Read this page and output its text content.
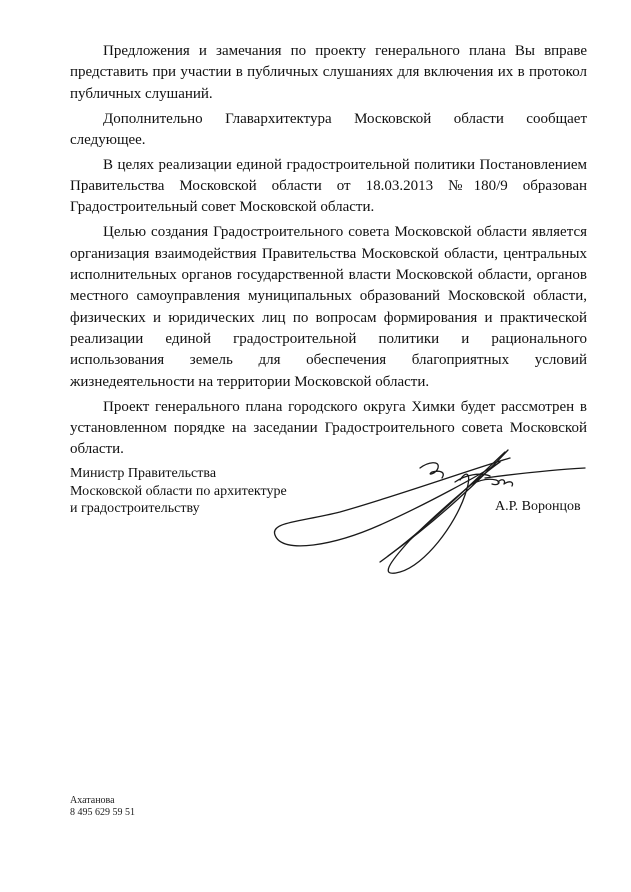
Предложения и замечания по проекту генерального плана Вы вправе представить при участии в публичных слушаниях для включения их в протокол публичных слушаний.

Дополнительно Главархитектура Московской области сообщает следующее.

В целях реализации единой градостроительной политики Постановлением Правительства Московской области от 18.03.2013 №180/9 образован Градостроительный совет Московской области.

Целью создания Градостроительного совета Московской области является организация взаимодействия Правительства Московской области, центральных исполнительных органов государственной власти Московской области, органов местного самоуправления муниципальных образований Московской области, физических и юридических лиц по вопросам формирования и практической реализации единой градостроительной политики и рационального использования земель для обеспечения благоприятных условий жизнедеятельности на территории Московской области.

Проект генерального плана городского округа Химки будет рассмотрен в установленном порядке на заседании Градостроительного совета Московской области.

Министр Правительства
Московской области по архитектуре
и градостроительству	А.Р. Воронцов
Ахатанова
8 495 629 59 51
